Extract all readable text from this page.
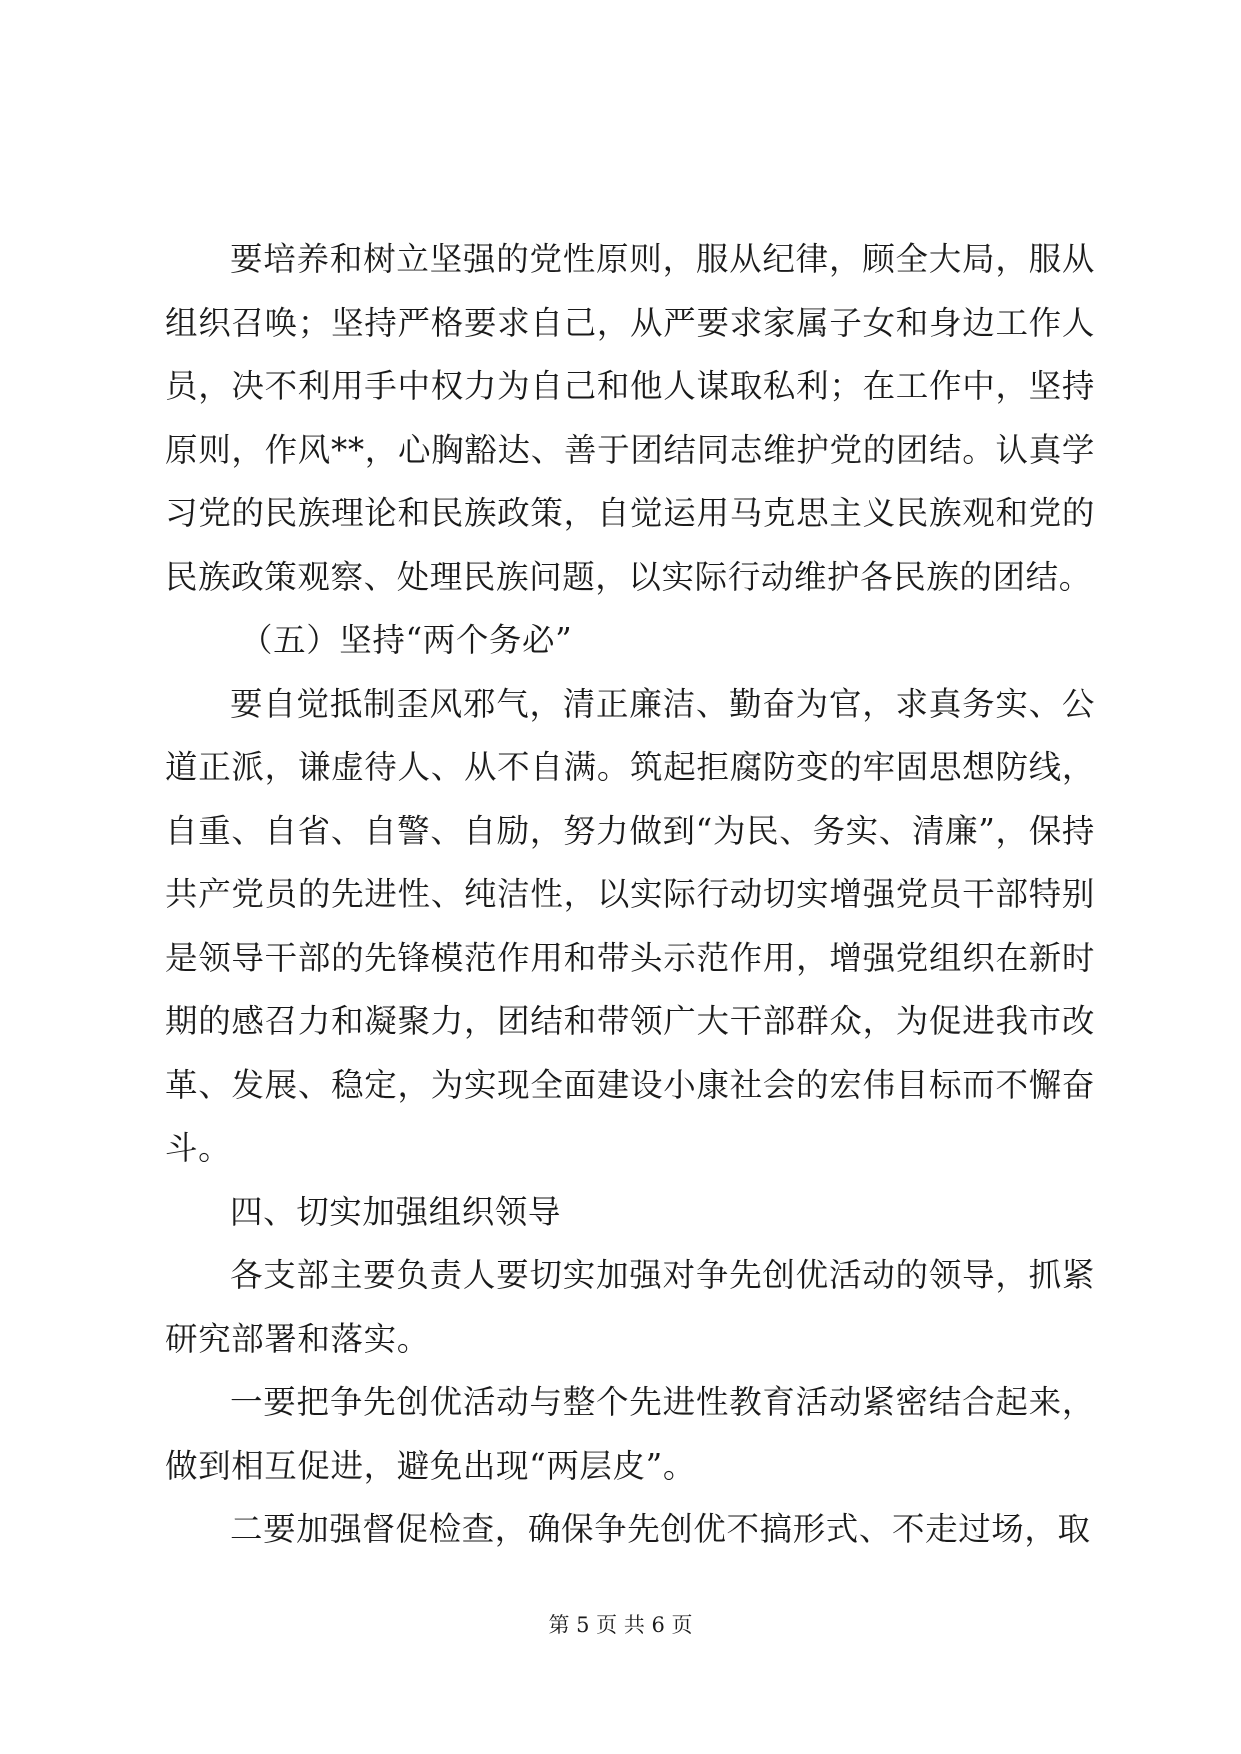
要培养和树立坚强的党性原则，服从纪律，顾全大局，服从组织召唤；坚持严格要求自己，从严要求家属子女和身边工作人员，决不利用手中权力为自己和他人谋取私利；在工作中，坚持原则，作风**，心胸豁达、善于团结同志维护党的团结。认真学习党的民族理论和民族政策，自觉运用马克思主义民族观和党的民族政策观察、处理民族问题，以实际行动维护各民族的团结。

（五）坚持“两个务必”

要自觉抵制歪风邪气，清正廉洁、勤奋为官，求真务实、公道正派，谦虚待人、从不自满。筑起拒腐防变的牢固思想防线，自重、自省、自警、自励，努力做到“为民、务实、清廉”，保持共产党员的先进性、纯洁性，以实际行动切实增强党员干部特别是领导干部的先锋模范作用和带头示范作用，增强党组织在新时期的感召力和凝聚力，团结和带领广大干部群众，为促进我市改革、发展、稳定，为实现全面建设小康社会的宏伟目标而不懈奋斗。

四、切实加强组织领导

各支部主要负责人要切实加强对争先创优活动的领导，抓紧研究部署和落实。

一要把争先创优活动与整个先进性教育活动紧密结合起来，做到相互促进，避免出现“两层皮”。

二要加强督促检查，确保争先创优不搞形式、不走过场，取

第 5 页 共 6 页
